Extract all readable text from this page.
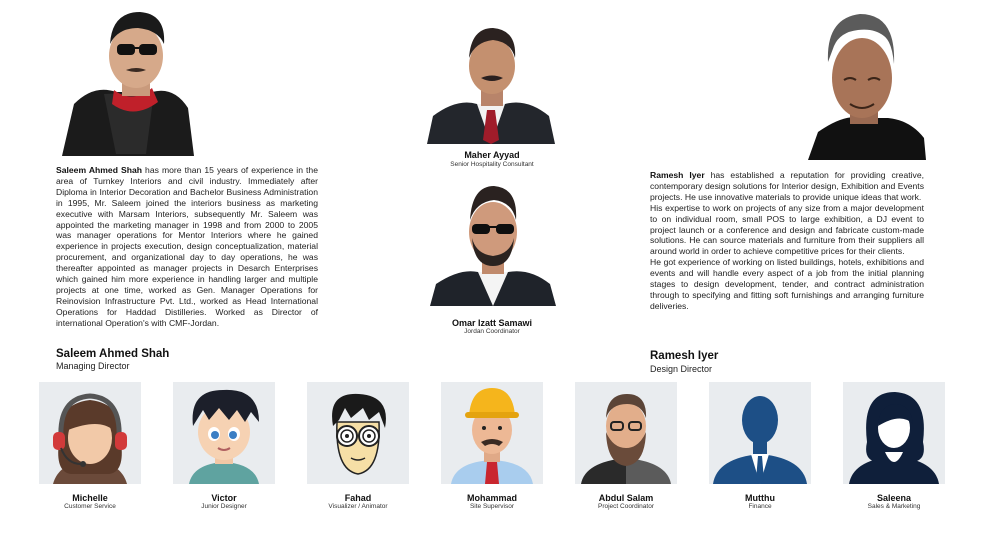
Saleem Ahmed Shah has more than 15 years of experience in the area of Turnkey Interiors and civil industry. Immediately after Diploma in Interior Decoration and Bachelor Business Administration in 1995, Mr. Saleem joined the interiors business as marketing executive with Marsam Interiors, subsequently Mr. Saleem was appointed the marketing manager in 1998 and from 2000 to 2005 was manager operations for Mentor Interiors where he gained experience in projects execution, design conceptualization, material procurement, and organizational day to day operations, he was thereafter appointed as manager projects in Desarch Enterprises which gained him more experience in handling larger and multiple projects at one time, worked as Gen. Manager Operations for Reinovision Infrastructure Pvt. Ltd., worked as Head International Operations for Haddad Distilleries. Worked as Director of international Operation's with CMF-Jordan.

Saleem Ahmed Shah
Managing Director
Maher Ayyad
Senior Hospitality Consultant
Omar Izatt Samawi
Jordan Coordinator

Ramesh Iyer has established a reputation for providing creative, contemporary design solutions for Interior design, Exhibition and Events projects. He use innovative materials to provide unique ideas that work.

His expertise to work on projects of any size from a major development to on individual room, small POS to large exhibition, a DJ event to project launch or a conference and design and fabricate custom-made solutions. He can source materials and furniture from their suppliers all around world in order to achieve competitive prices for their clients.

He got experience of working on listed buildings, hotels, exhibitions and events and will handle every aspect of a job from the initial planning stages to design development, tender, and contract administration through to specifying and fitting soft furnishings and arranging furniture deliveries.

Ramesh Iyer
Design Director
Michelle
Customer Service
Victor
Junior Designer
Fahad
Visualizer / Animator
Mohammad
Site Supervisor
Abdul Salam
Project Coordinator
Mutthu
Finance
Saleena
Sales & Marketing
